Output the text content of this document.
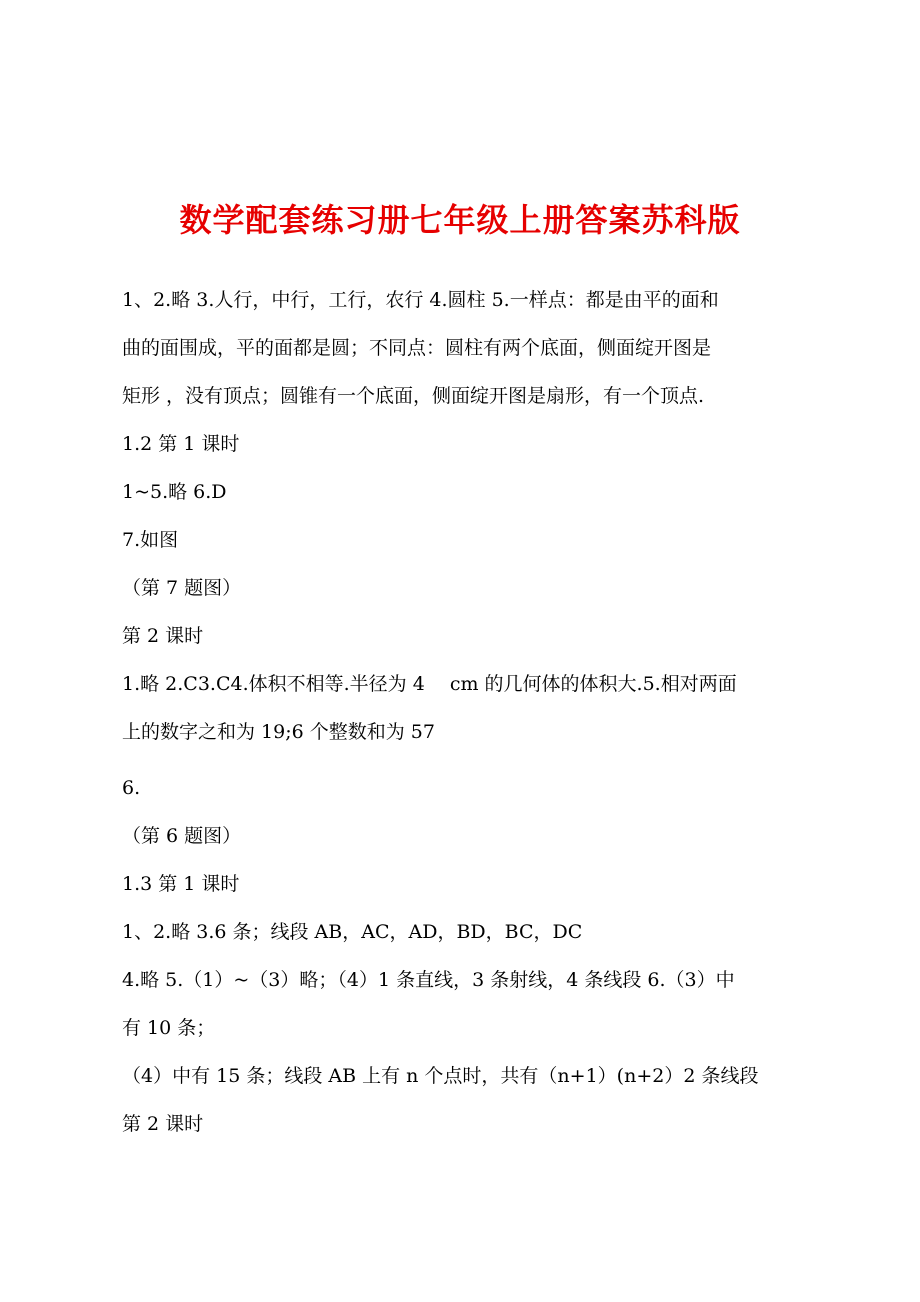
数学配套练习册七年级上册答案苏科版
1、2.略 3.人行，中行，工行，农行 4.圆柱 5.一样点：都是由平的面和
曲的面围成，平的面都是圆；不同点：圆柱有两个底面，侧面绽开图是
矩形 ，没有顶点；圆锥有一个底面，侧面绽开图是扇形，有一个顶点.
1.2 第 1 课时
1~5.略 6.D
7.如图
（第 7 题图）
第 2 课时
1.略 2.C3.C4.体积不相等.半径为 4　 cm 的几何体的体积大.5.相对两面
上的数字之和为 19;6 个整数和为 57
6.
（第 6 题图）
1.3 第 1 课时
1、2.略 3.6 条；线段 AB，AC，AD，BD，BC，DC
4.略 5.（1）~（3）略；（4）1 条直线，3 条射线，4 条线段 6.（3）中
有 10 条；
（4）中有 15 条；线段 AB 上有 n 个点时，共有（n+1）(n+2）2 条线段
第 2 课时
